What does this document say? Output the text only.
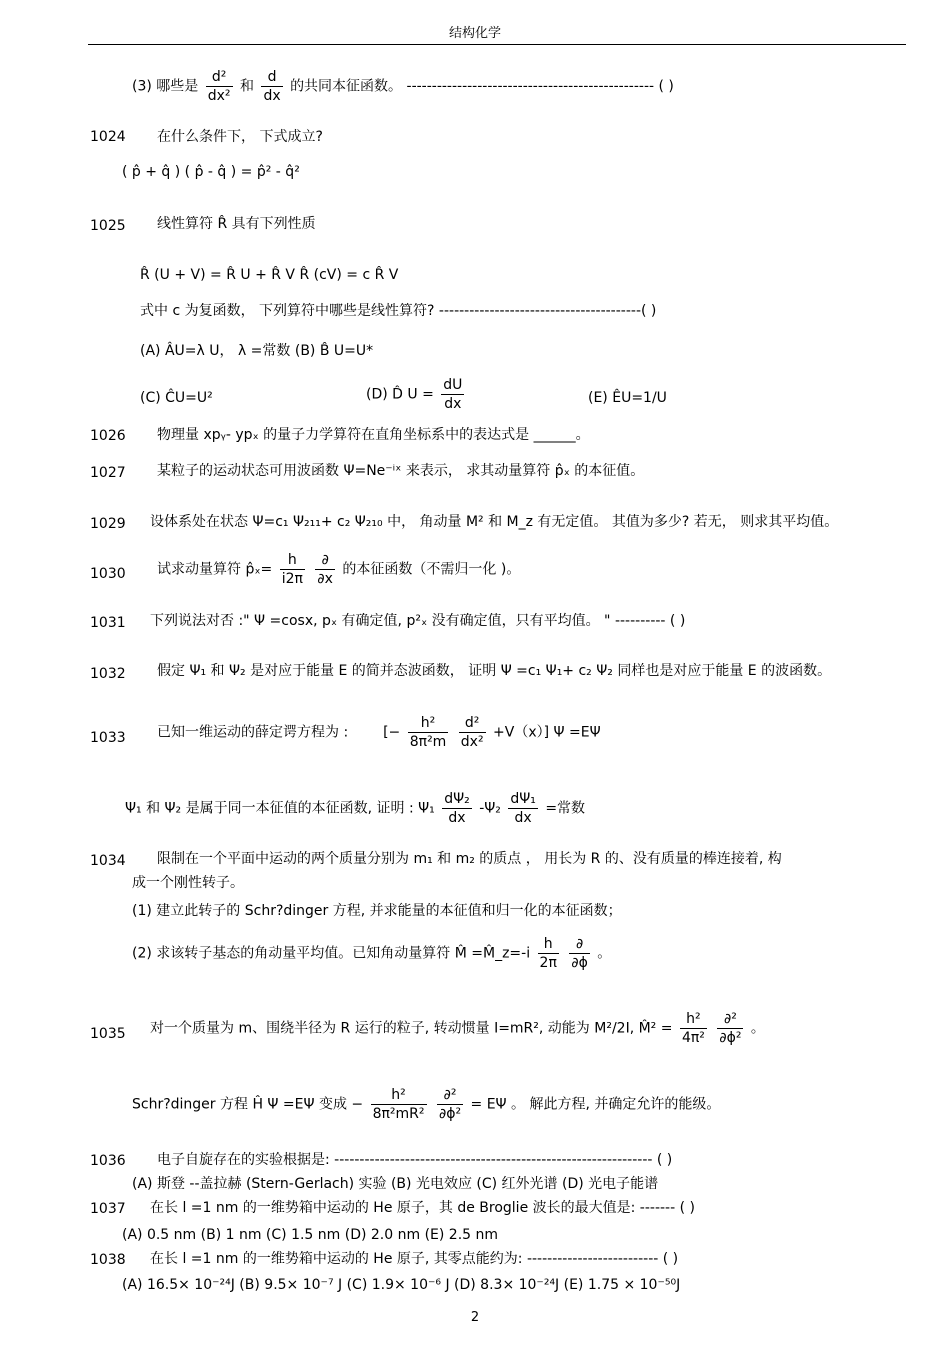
结构化学
(3) 哪些是 $\frac{\text{d²}}{\text{dx²}}$ 和 $\frac{d}{dx}$ 的共同本征函数。 ------------------------------------------------- ( )
1024 在什么条件下， 下式成立?
( p̂ + q̂ ) ( p̂ - q̂ ) = p̂² - q̂²
1025 线性算符 R̂ 具有下列性质
R̂ (U + V) = R̂ U + R̂ V R̂ (cV) = c R̂ V
式中 c 为复函数， 下列算符中哪些是线性算符? ----------------------------------------( )
(A) ÂU=λ U， λ =常数 (B) B̂ U=U*
(C) ĈU=U²	(D) D̂ $U = \frac{dU}{dx}$	(E) ÊU=1/U
1026 物理量 xpᵧ- ypₓ 的量子力学算符在直角坐标系中的表达式是 ______。
1027 某粒子的运动状态可用波函数 Ψ=Ne⁻ⁱˣ 来表示， 求其动量算符 p̂ₓ 的本征值。
1029 设体系处在状态 Ψ=c₁ Ψ₂₁₁+ c₂ Ψ₂₁₀ 中， 角动量 M² 和 M_z 有无定值。 其值为多少? 若无， 则求其平均值。
1030 试求动量算符 p̂ₓ= $\frac{h}{i2\pi}$
$\frac{\partial}{\partial x}$ 的本征函数（不需归一化 )。
1031 下列说法对否 :" Ψ =cosx, pₓ 有确定值, p²ₓ 没有确定值，只有平均值。 " ---------- ( )
1032 假定 Ψ₁ 和 Ψ₂ 是对应于能量 E 的简并态波函数， 证明 Ψ =c₁ Ψ₁+ c₂ Ψ₂ 同样也是对应于能量 E 的波函数。
1033 已知一维运动的薛定谔方程为 : [− $\frac{\text{h²}}{\text{8π²m}}$
$\frac{\text{d²}}{\text{dx²}} +V(x)$] Ψ =EΨ
Ψ₁ 和 Ψ₂ 是属于同一本征值的本征函数, 证明 : $\Psi_1 \frac{\text{dΨ₂}}{dx} -\Psi_2 \frac{\text{dΨ₁}}{dx}$ =常数
1034 限制在一个平面中运动的两个质量分别为 m₁ 和 m₂ 的质点 ， 用长为 R 的、没有质量的棒连接着, 构
成一个刚性转子。
(1) 建立此转子的 Schr?dinger 方程, 并求能量的本征值和归一化的本征函数；
(2) 求该转子基态的角动量平均值。已知角动量算符 M̂ =M̂_z=-i $\frac{h}{2\pi}$
$\frac{\partial}{\partial\phi}$ 。
1035 对一个质量为 m、围绕半径为 R 运行的粒子, 转动惯量 I=mR², 动能为 M²/2I, M̂² = $\frac{\text{h²}}{\text{4π²}}$
$\frac{\text{∂²}}{\text{∂ϕ²}}$ 。
Schr?dinger 方程 Ĥ Ψ =EΨ 变成 − $\frac{\text{h²}}{\text{8π²mR²}}$
$\frac{\text{∂²}}{\text{∂ϕ²}} = E\Psi$ 。 解此方程, 并确定允许的能级。
1036 电子自旋存在的实验根据是: --------------------------------------------------------------- ( )
(A) 斯登 --盖拉赫 (Stern-Gerlach) 实验 (B) 光电效应 (C) 红外光谱 (D) 光电子能谱
1037 在长 l =1 nm 的一维势箱中运动的 He 原子，其 de Broglie 波长的最大值是: ------- ( )
(A) 0.5 nm (B) 1 nm (C) 1.5 nm (D) 2.0 nm (E) 2.5 nm
1038 在长 l =1 nm 的一维势箱中运动的 He 原子, 其零点能约为: -------------------------- ( )
(A) 16.5× 10⁻²⁴J (B) 9.5× 10⁻⁷ J (C) 1.9× 10⁻⁶ J (D) 8.3× 10⁻²⁴J (E) 1.75 × 10⁻⁵⁰J
2
